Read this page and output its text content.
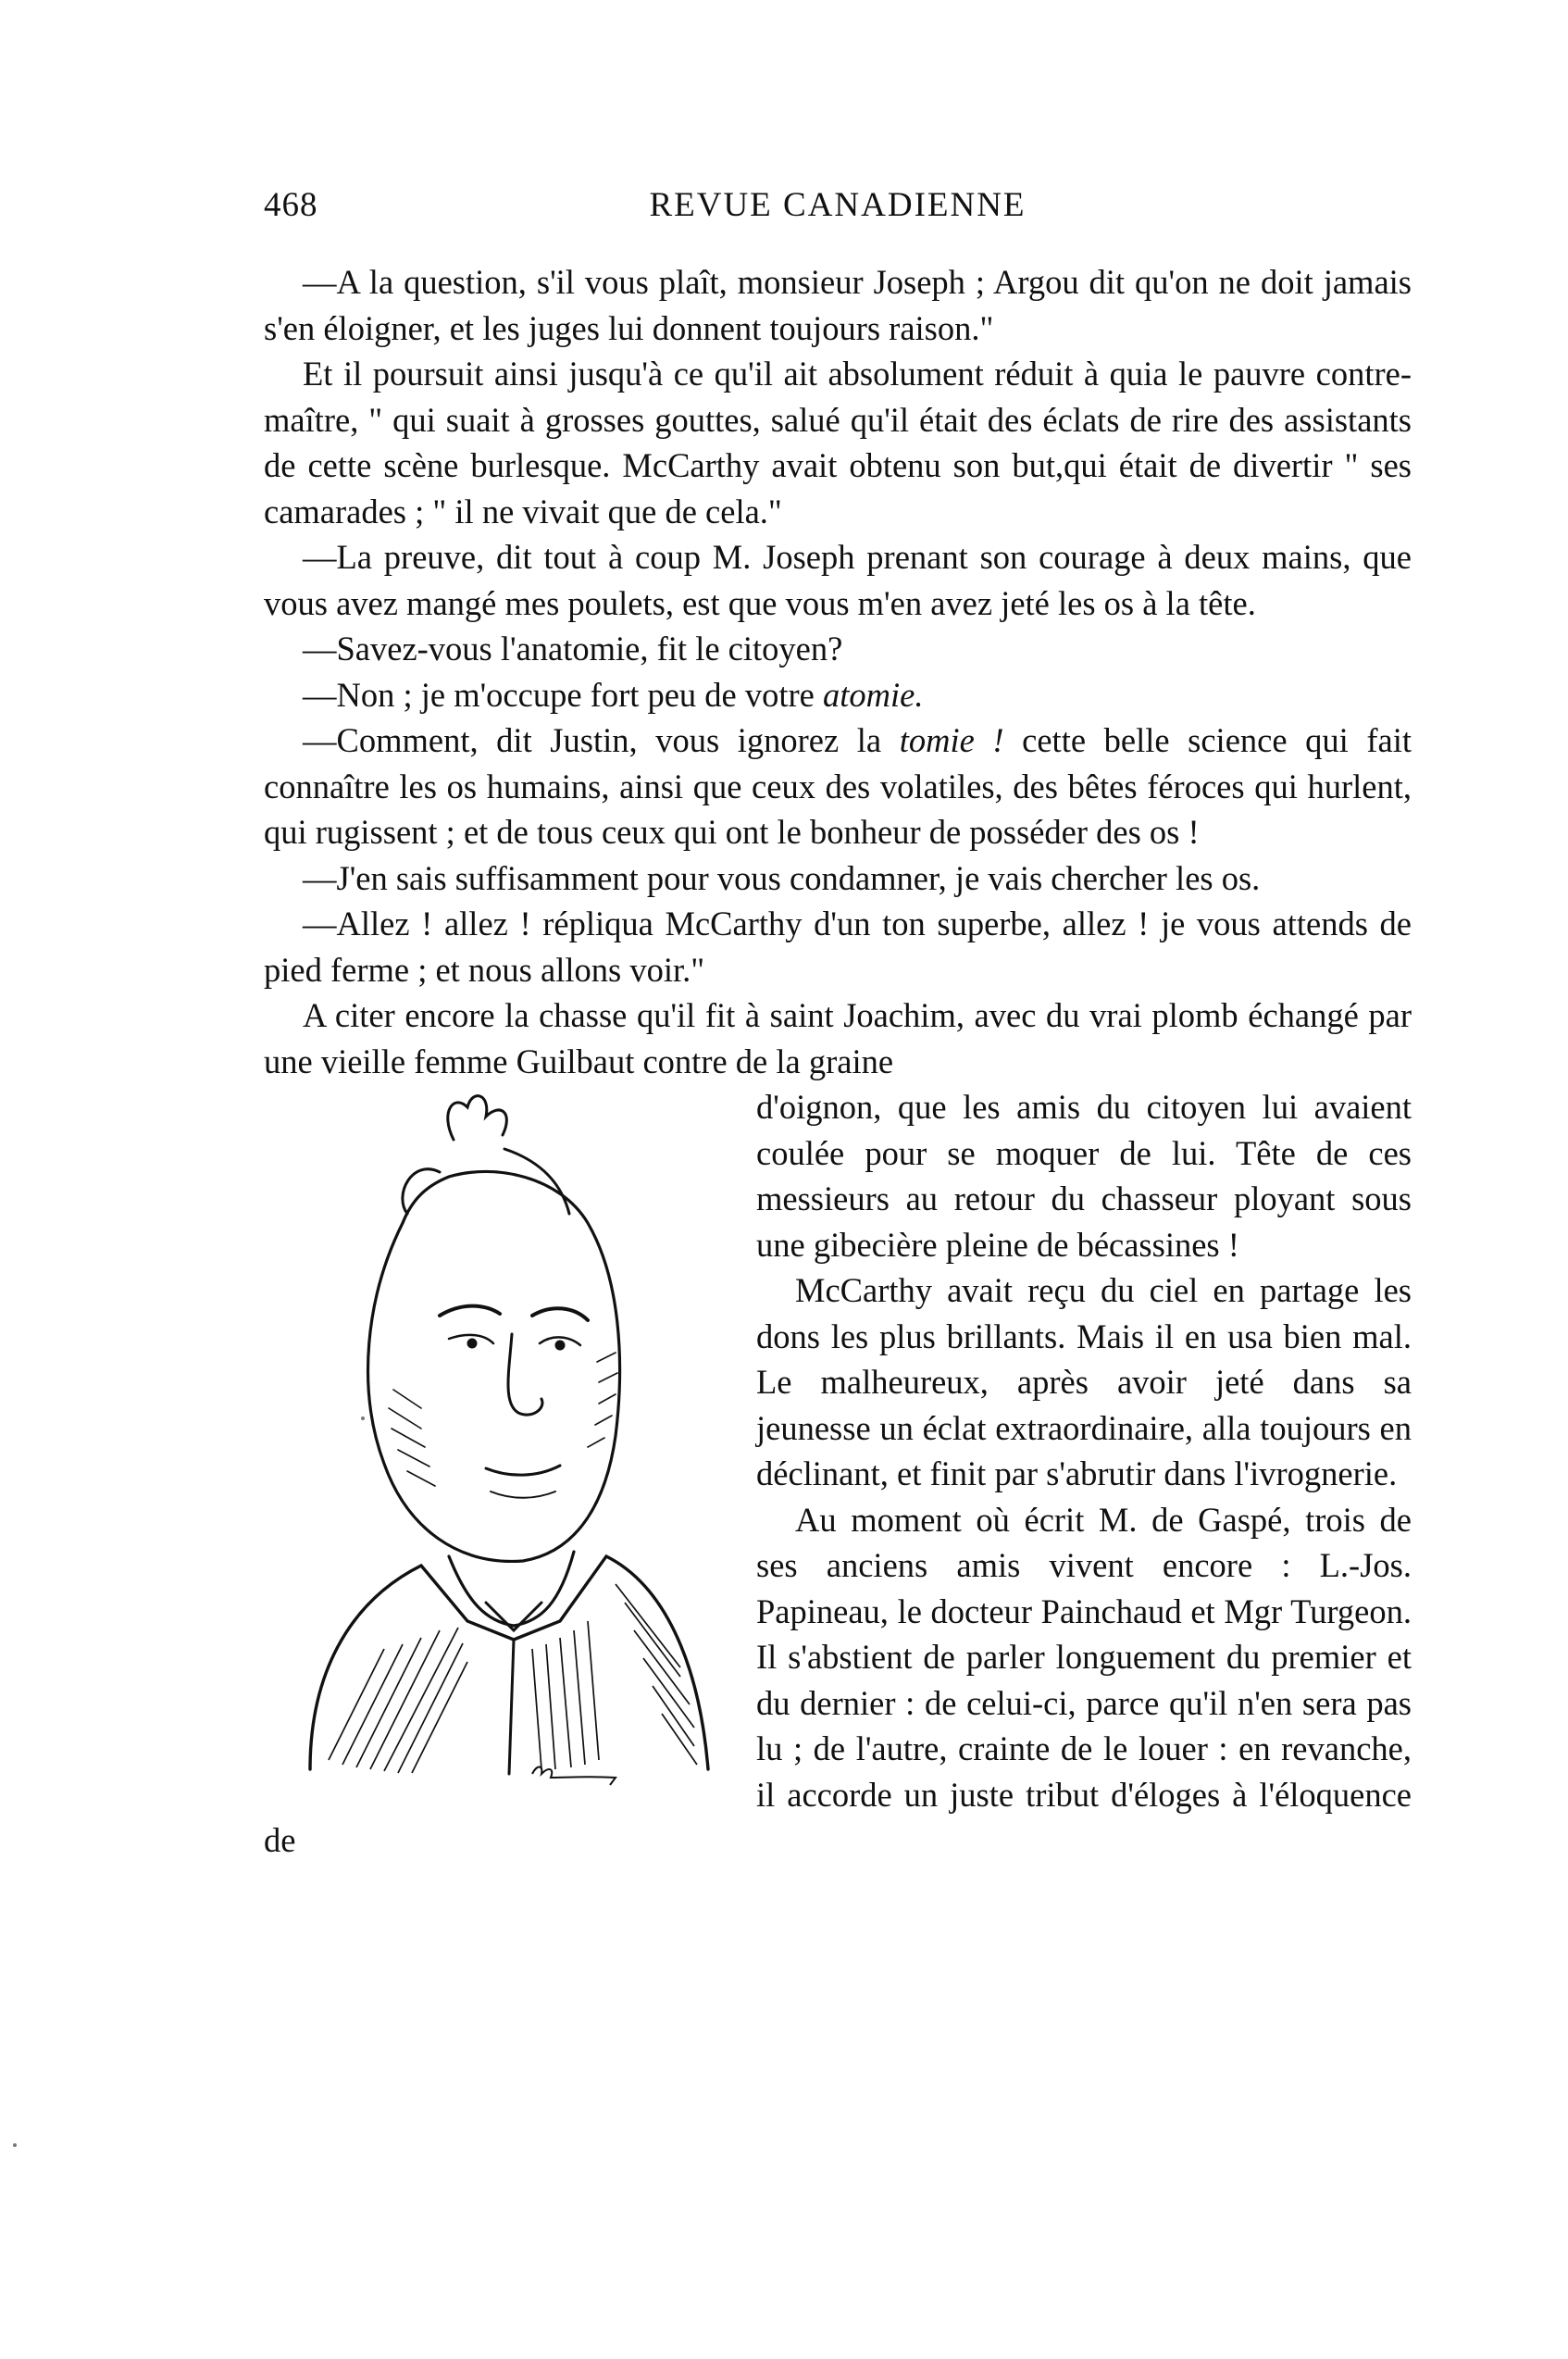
468	REVUE CANADIENNE

—A la question, s'il vous plaît, monsieur Joseph ; Argou dit qu'on ne doit jamais s'en éloigner, et les juges lui donnent toujours raison."

Et il poursuit ainsi jusqu'à ce qu'il ait absolument réduit à quia le pauvre contre-maître, " qui suait à grosses gouttes, salué qu'il était des éclats de rire des assistants de cette scène burlesque. McCarthy avait obtenu son but,qui était de divertir " ses camarades ; " il ne vivait que de cela."

—La preuve, dit tout à coup M. Joseph prenant son courage à deux mains, que vous avez mangé mes poulets, est que vous m'en avez jeté les os à la tête.

—Savez-vous l'anatomie, fit le citoyen?

—Non ; je m'occupe fort peu de votre atomie.

—Comment, dit Justin, vous ignorez la tomie ! cette belle science qui fait connaître les os humains, ainsi que ceux des volatiles, des bêtes féroces qui hurlent, qui rugissent ; et de tous ceux qui ont le bonheur de posséder des os !

—J'en sais suffisamment pour vous condamner, je vais chercher les os.

—Allez ! allez ! répliqua McCarthy d'un ton superbe, allez ! je vous attends de pied ferme ; et nous allons voir."

A citer encore la chasse qu'il fit à saint Joachim, avec du vrai plomb échangé par une vieille femme Guilbaut contre de la graine

d'oignon, que les amis du citoyen lui avaient coulée pour se moquer de lui. Tête de ces messieurs au retour du chasseur ployant sous une gibecière pleine de bécassines !

McCarthy avait reçu du ciel en partage les dons les plus brillants. Mais il en usa bien mal. Le malheureux, après avoir jeté dans sa jeunesse un éclat extraordinaire, alla toujours en déclinant, et finit par s'abrutir dans l'ivrognerie.

Au moment où écrit M. de Gaspé, trois de ses anciens amis vivent encore : L.-Jos. Papineau, le docteur Painchaud et Mgr Turgeon. Il s'abstient de parler longuement du premier et du dernier : de celui-ci, parce qu'il n'en sera pas lu ; de l'autre, crainte de le louer : en revanche, il accorde un juste tribut d'éloges à l'éloquence de
